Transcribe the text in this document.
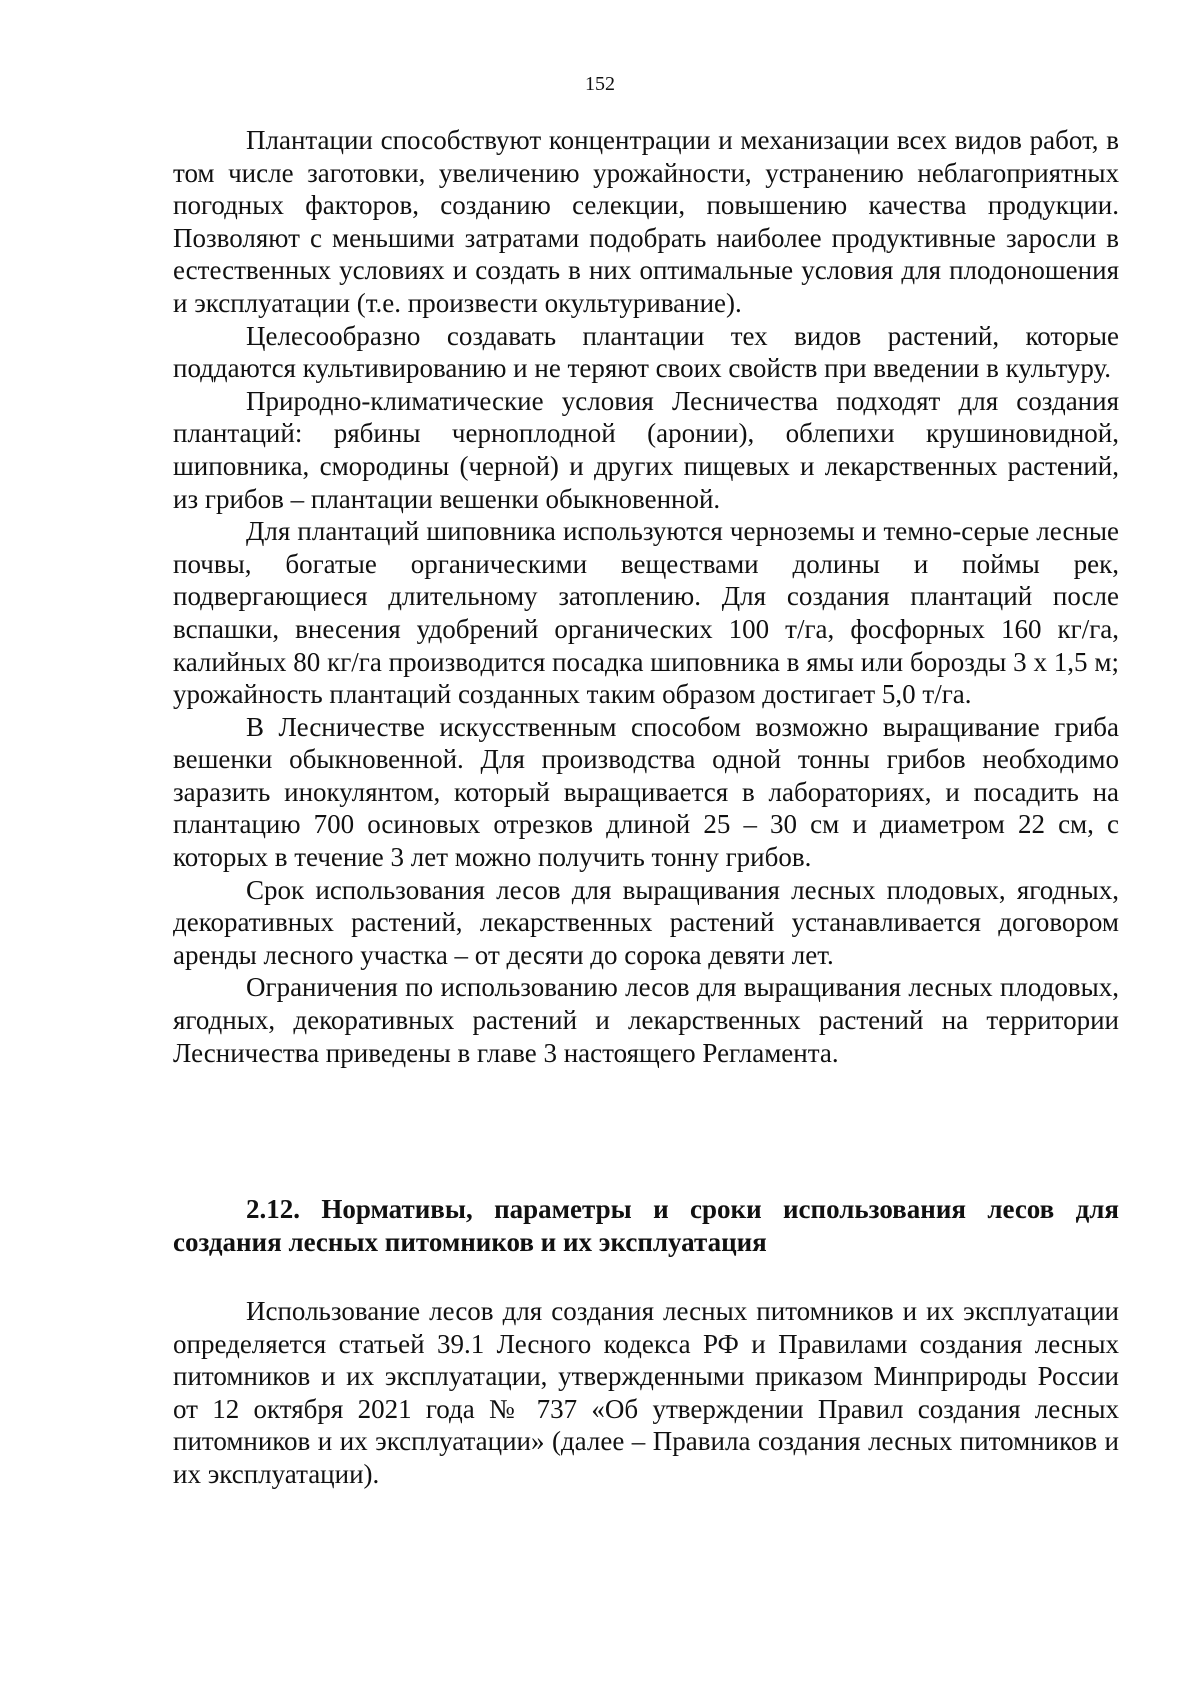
152

Плантации способствуют концентрации и механизации всех видов работ, в том числе заготовки, увеличению урожайности, устранению неблагоприятных погодных факторов, созданию селекции, повышению качества продукции. Позволяют с меньшими затратами подобрать наиболее продуктивные заросли в естественных условиях и создать в них оптимальные условия для плодоношения и эксплуатации (т.е. произвести окультуривание).

Целесообразно создавать плантации тех видов растений, которые поддаются культивированию и не теряют своих свойств при введении в культуру.

Природно-климатические условия Лесничества подходят для создания плантаций: рябины черноплодной (аронии), облепихи крушиновидной, шиповника, смородины (черной) и других пищевых и лекарственных растений, из грибов – плантации вешенки обыкновенной.

Для плантаций шиповника используются черноземы и темно-серые лесные почвы, богатые органическими веществами долины и поймы рек, подвергающиеся длительному затоплению. Для создания плантаций после вспашки, внесения удобрений органических 100 т/га, фосфорных 160 кг/га, калийных 80 кг/га производится посадка шиповника в ямы или борозды 3 х 1,5 м; урожайность плантаций созданных таким образом достигает 5,0 т/га.

В Лесничестве искусственным способом возможно выращивание гриба вешенки обыкновенной. Для производства одной тонны грибов необходимо заразить инокулянтом, который выращивается в лабораториях, и посадить на плантацию 700 осиновых отрезков длиной 25 – 30 см и диаметром 22 см, с которых в течение 3 лет можно получить тонну грибов.

Срок использования лесов для выращивания лесных плодовых, ягодных, декоративных растений, лекарственных растений устанавливается договором аренды лесного участка – от десяти до сорока девяти лет.

Ограничения по использованию лесов для выращивания лесных плодовых, ягодных, декоративных растений и лекарственных растений на территории Лесничества приведены в главе 3 настоящего Регламента.

2.12. Нормативы, параметры и сроки использования лесов для создания лесных питомников и их эксплуатация

Использование лесов для создания лесных питомников и их эксплуатации определяется статьей 39.1 Лесного кодекса РФ и Правилами создания лесных питомников и их эксплуатации, утвержденными приказом Минприроды России от 12 октября 2021 года № 737 «Об утверждении Правил создания лесных питомников и их эксплуатации» (далее – Правила создания лесных питомников и их эксплуатации).
